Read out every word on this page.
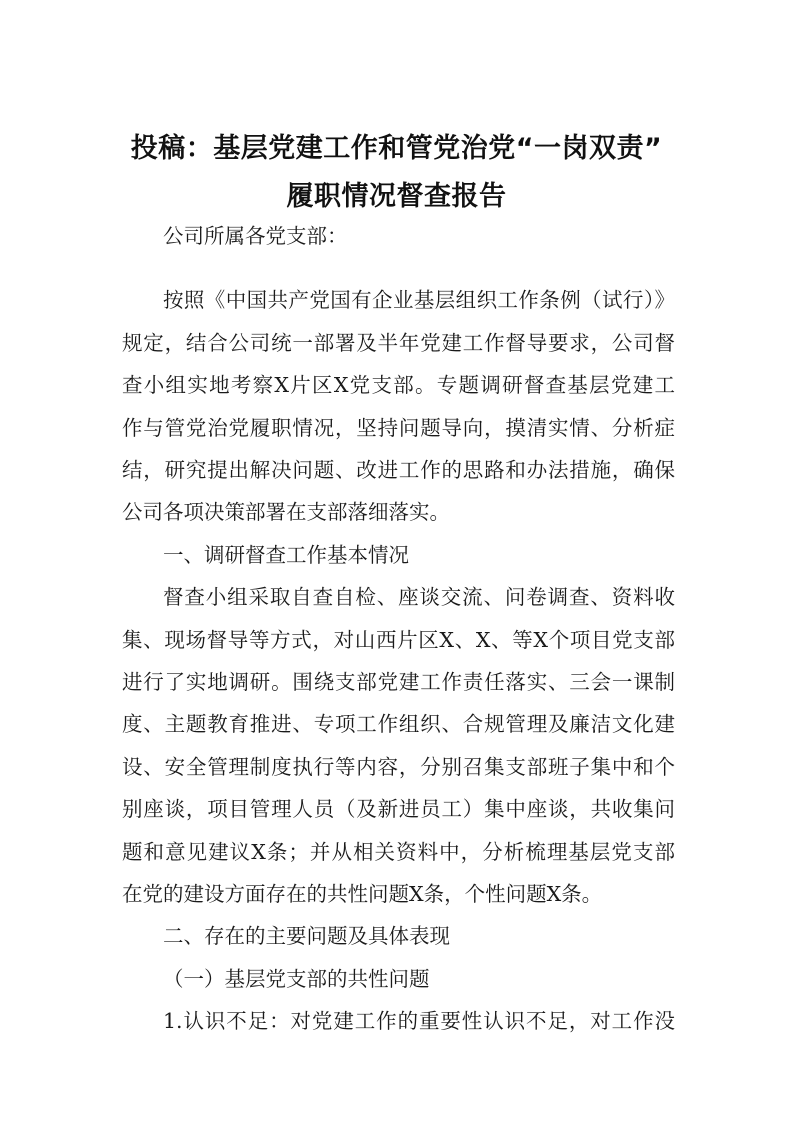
投稿：基层党建工作和管党治党“一岗双责”
履职情况督查报告
公司所属各党支部：
按照《中国共产党国有企业基层组织工作条例（试行）》
规定，结合公司统一部署及半年党建工作督导要求，公司督
查小组实地考察X片区X党支部。专题调研督查基层党建工
作与管党治党履职情况，坚持问题导向，摸清实情、分析症
结，研究提出解决问题、改进工作的思路和办法措施，确保
公司各项决策部署在支部落细落实。
一、调研督查工作基本情况
督查小组采取自查自检、座谈交流、问卷调查、资料收
集、现场督导等方式，对山西片区X、X、等X个项目党支部
进行了实地调研。围绕支部党建工作责任落实、三会一课制
度、主题教育推进、专项工作组织、合规管理及廉洁文化建
设、安全管理制度执行等内容，分别召集支部班子集中和个
别座谈，项目管理人员（及新进员工）集中座谈，共收集问
题和意见建议X条；并从相关资料中，分析梳理基层党支部
在党的建设方面存在的共性问题X条，个性问题X条。
二、存在的主要问题及具体表现
（一）基层党支部的共性问题
1.认识不足：对党建工作的重要性认识不足，对工作没
